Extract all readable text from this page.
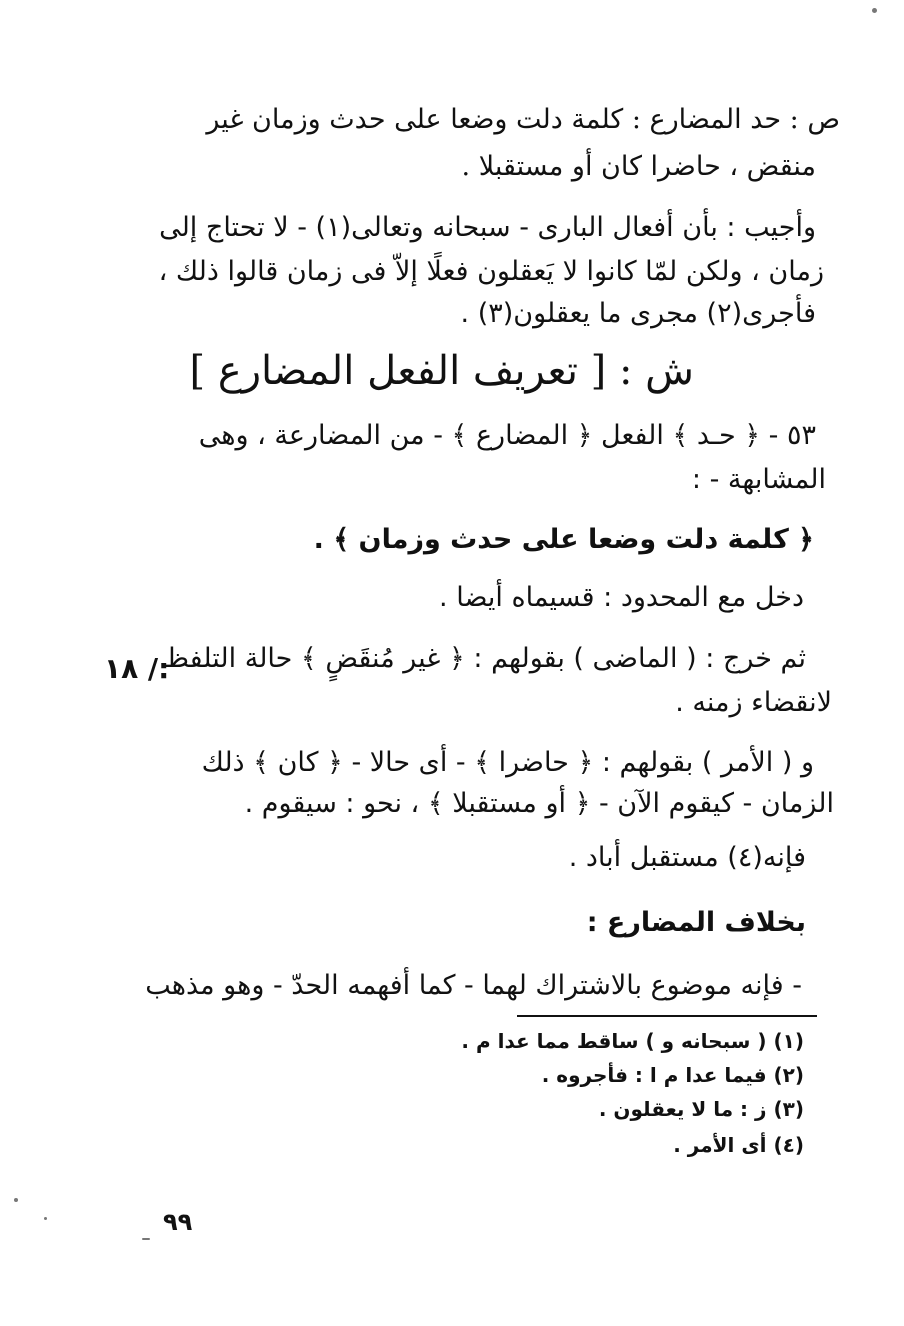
ص : حد المضارع : كلمة دلت وضعا على حدث وزمان غير
منقض ، حاضرا كان أو مستقبلا .
وأجيب : بأن أفعال البارى - سبحانه وتعالى(١) - لا تحتاج إلى
زمان ، ولكن لمّا كانوا لا يَعقلون فعلًا إلاّ فى زمان قالوا ذلك ،
فأجرى(٢) مجرى ما يعقلون(٣) .
ش : [ تعريف الفعل المضارع ]
٥٣ - ﴿ حـد ﴾ الفعل ﴿ المضارع ﴾ - من المضارعة ، وهى
المشابهة - :
﴿ كلمة دلت وضعا على حدث وزمان ﴾ .
دخل مع المحدود : قسيماه أيضا .
ثم خرج : ( الماضى ) بقولهم : ﴿ غير مُنقَضٍ ﴾ حالة التلفظ
١٨ /:
لانقضاء زمنه .
و ( الأمر ) بقولهم : ﴿ حاضرا ﴾ - أى حالا - ﴿ كان ﴾ ذلك
الزمان - كيقوم الآن - ﴿ أو مستقبلا ﴾ ، نحو : سيقوم .
فإنه(٤) مستقبل أباد .
بخلاف المضارع :
- فإنه موضوع بالاشتراك لهما - كما أفهمه الحدّ - وهو مذهب
(١) ( سبحانه و ) ساقط مما عدا م .
(٢) فيما عدا م ا : فأجروه .
(٣) ز : ما لا يعقلون .
(٤) أى الأمر .
٩٩
